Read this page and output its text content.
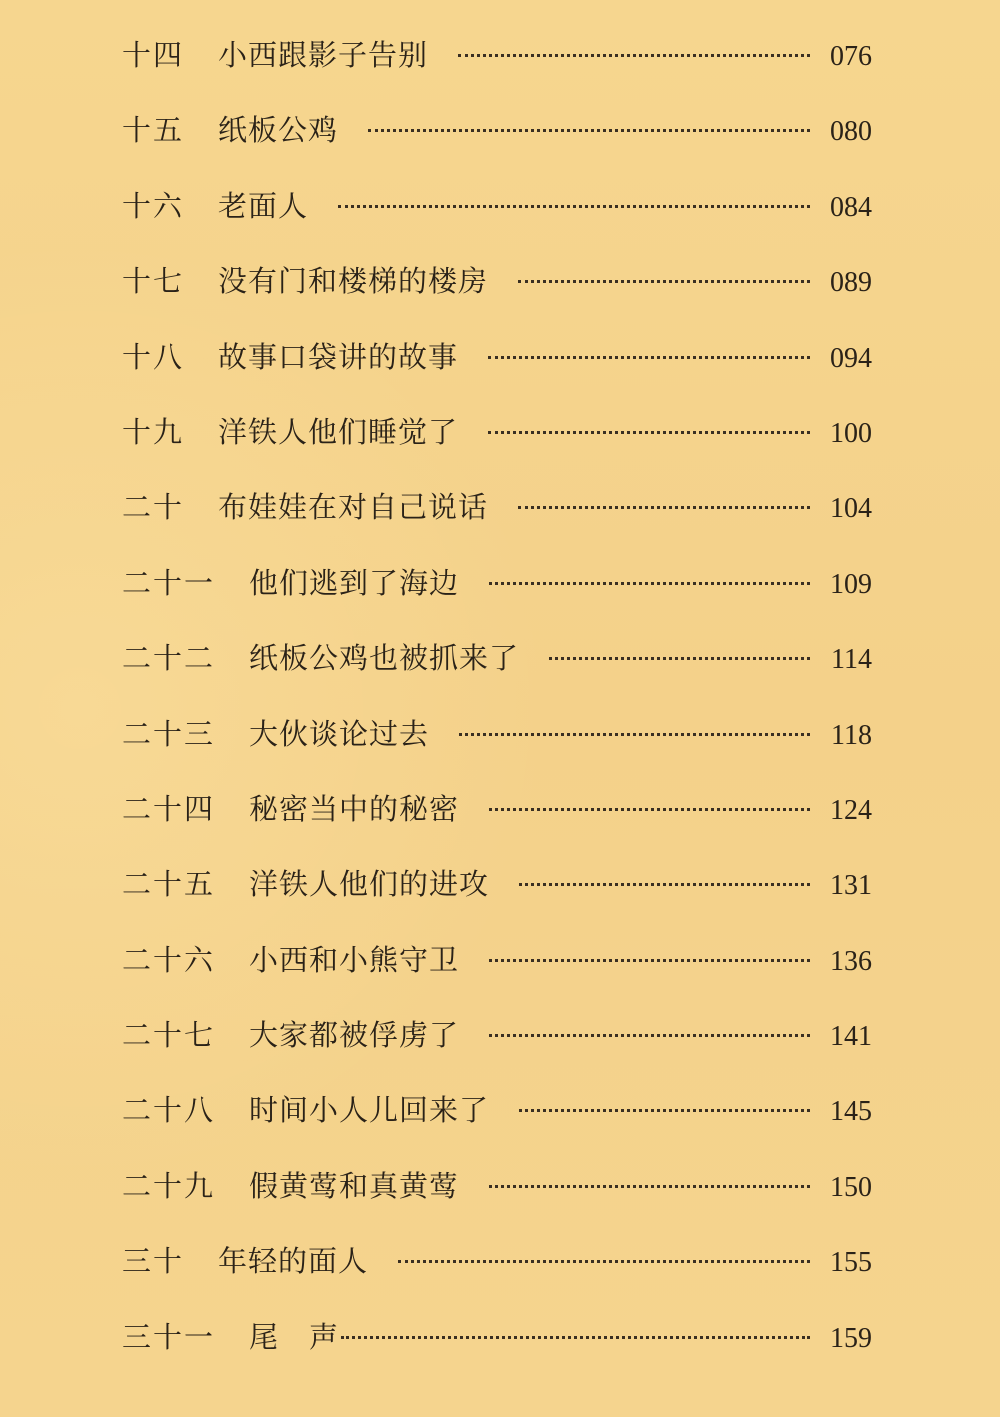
十四 小西跟影子告别	076
十五 纸板公鸡	080
十六 老面人	084
十七 没有门和楼梯的楼房	089
十八 故事口袋讲的故事	094
十九 洋铁人他们睡觉了	100
二十 布娃娃在对自己说话	104
二十一 他们逃到了海边	109
二十二 纸板公鸡也被抓来了	114
二十三 大伙谈论过去	118
二十四 秘密当中的秘密	124
二十五 洋铁人他们的进攻	131
二十六 小西和小熊守卫	136
二十七 大家都被俘虏了	141
二十八 时间小人儿回来了	145
二十九 假黄莺和真黄莺	150
三十 年轻的面人	155
三十一 尾　声	159
